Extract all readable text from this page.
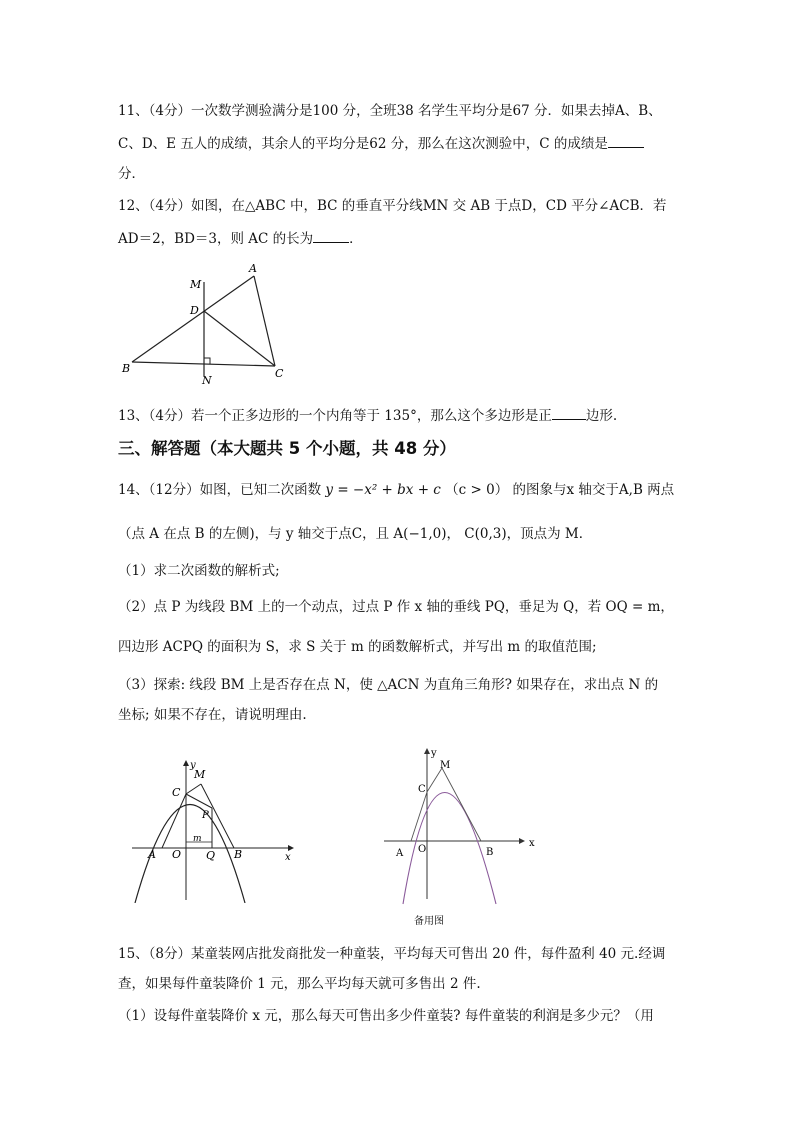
11、（4分）一次数学测验满分是100 分，全班38 名学生平均分是67 分．如果去掉A、B、
C、D、E 五人的成绩，其余人的平均分是62 分，那么在这次测验中，C 的成绩是
分．
12、（4分）如图，在△ABC 中，BC 的垂直平分线MN 交 AB 于点D，CD 平分∠ACB．若
AD＝2，BD＝3，则 AC 的长为	．
M
A
D
B
N
C
13、（4分）若一个正多边形的一个内角等于 135°，那么这个多边形是正	边形.
三、解答题（本大题共 5 个小题，共 48 分）
14、（12分）如图，已知二次函数 y = −x² + bx + c （c > 0） 的图象与x 轴交于A,B 两点
（点 A 在点 B 的左侧)，与 y 轴交于点C，且 A(−1,0)， C(0,3)，顶点为 M．
（1）求二次函数的解析式;
（2）点 P 为线段 BM 上的一个动点，过点 P 作 x 轴的垂线 PQ，垂足为 Q，若 OQ = m，
四边形 ACPQ 的面积为 S，求 S 关于 m 的函数解析式，并写出 m 的取值范围;
（3）探索: 线段 BM 上是否存在点 N，使 △ACN 为直角三角形? 如果存在，求出点 N 的
坐标; 如果不存在，请说明理由.
y
M
C
P
m
A O Q B	x
y
M
C
A O	B
x
备用图
15、（8分）某童装网店批发商批发一种童装，平均每天可售出 20 件，每件盈利 40 元.经调
查，如果每件童装降价 1 元，那么平均每天就可多售出 2 件.
（1）设每件童装降价 x 元，那么每天可售出多少件童装? 每件童装的利润是多少元？（用
